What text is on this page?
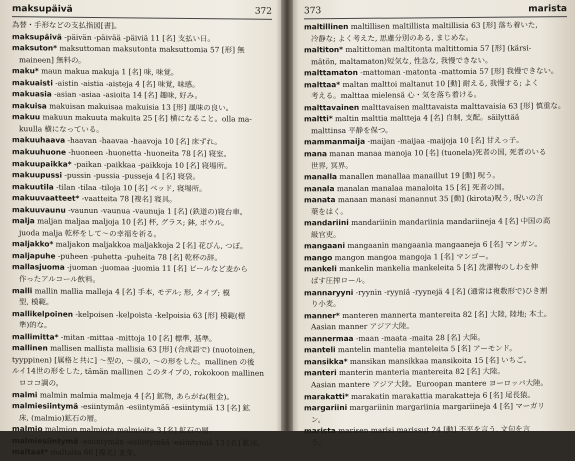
maksupäivä	372
為替・手形などの支払指図[書]。
maksupäivä -päivän -päivää -päiviä 11 [名] 支払い日。
maksuton* maksuttoman maksutonta maksuttomia 57 [形] 無
maineen] 無料の。
maku* maun makua makuja 1 [名] 味, 味覚。
makuaisti -aistin -aistia -aisteja 4 [名] 味覚, 味感。
makuasia -asian -asiaa -asioita 14 [名] 趣味, 好み。
makuisa makuisan makuisaa makuisia 13 [形] 風味の良い。
makuu makuun makuuta makuita 25 [名] 横になること。olla ma-
kuulla 横になっている。
makuuhaava -haavan -haavaa -haavoja 10 [名] 床ずれ。
makuuhuone -huoneen -huonetta -huoneita 78 [名] 寝室。
makuupaikka* -paikan -paikkaa -paikkoja 10 [名] 寝場所。
makuupussi -pussin -pussia -pusseja 4 [名] 寝袋。
makuutila -tilan -tilaa -tiloja 10 [名] ベッド, 寝場所。
makuuvaatteet* -vaatteita 78 [複名] 寝具。
makuuvaunu -vaunun -vaunua -vaunuja 1 [名] (鉄道の)寝台車。
malja maljan maljaa maljoja 10 [名] 杯, グラス; 鉢, ボウル。
juoda malja 乾杯をして～の幸福を祈る。
maljakko* maljakon maljakkoa maljakkoja 2 [名] 花びん, つぼ。
maljapuhe -puheen -puhetta -puheita 78 [名] 乾杯の辞。
mallasjuoma -juoman -juomaa -juomia 11 [名] ビールなど麦から
作ったアルコール飲料。
malli mallin mallia malleja 4 [名] 手本, モデル; 形, タイプ; 模
型, 模範。
mallikelpoinen -kelpoisen -kelpoista -kelpoisia 63 [形] 模範(標
準)的な。
mallimitta* -mitan -mittaa -mittoja 10 [名] 標準, 基準。
mallinen mallisen mallista mallisia 63 [形] (合成語で) (nuotoinen,
tyyppinen) [属格と共に] ～型の, ～風の, ～の形をした。mallinen の後
ルイ14世の形をした, tämän mallinen このタイプの, rokokoon mallinen
ロココ調の。
malmi malmin malmia malmeja 4 [名] 鉱物, あらがね(粗金)。
malmiesiintymä -esiintymän -esiintymää -esiintymiä 13 [名] 鉱
床, (malmio)鉱石の層。
malmio malmion malmiota malmioita 3 [名] 鉱石の層。
malmiesiintymä -esiintymän -esiintymää -esiintymiä 13 [名] 鉱床。
maltaat* maltaita 66 [複名] 麦芽。
373	marista
maltillinen maltillisen maltillista maltillisia 63 [形] 落ち着いた,
冷静な; よく考えた, 思慮分別のある, まじめな。
maltiton* maltittoman maltitonta maltittomia 57 [形] (kärsi-
mätön, maltamaton)短気な, 性急な, 我慢できない。
malttamaton -mattoman -matonta -mattomia 57 [形] 我慢できない。
malttaa* maltan malttoi maltanut 10 [動] 耐える, 我慢する; よく
考える。malttaa mielensä 心・気を落ち着ける。
malttavainen malttavaisen malttavaista malttavaisia 63 [形] 慎重な。
maltti* maltin malttia maltteja 4 [名] 自制, 支配。säilyttää
malttinsa 平静を保つ。
mammanmaija -maijan -maijaa -maijoja 10 [名] 甘えっ子。
mana manan manaa manoja 10 [名] (tuonela)死者の国, 死者のいる
世界, 冥界。
manalla manallen manallaa manaillut 19 [動] 呪う。
manala manalan manalaa manaloita 15 [名] 死者の国。
manata manaan manasi manannut 35 [動] (kirota)呪う, 呪いの言
葉をはく。
mandariini mandariinin mandariinia mandariineja 4 [名] 中国の高
級官吏。
mangaani mangaanin mangaania mangaaneja 6 [名] マンガン。
mango mangon mangoa mangoja 1 [名] マンゴー。
mankeli mankelin mankelia mankeleita 5 [名] 洗濯物のしわを伸
ばす圧搾ロール。
mannaryyni -ryynin -ryyniä -ryynejä 4 [名] (通常は複数形で)ひき割
り小麦。
manner* manteren mannerta mantereita 82 [名] 大陸, 陸地; 本土。
Aasian manner アジア大陸。
mannermaa -maan -maata -maita 28 [名] 大陸。
manteli mantelin mantelia manteleita 5 [名] アーモンド。
mansikka* mansikan mansikkaa mansikoita 15 [名] いちご。
manteri manterin manteria mantereita 82 [名] 大陸。
Aasian mantere アジア大陸。Euroopan mantere ヨーロッパ大陸。
marakatti* marakatin marakattia marakatteja 6 [名] 尾長猿。
margariini margariinin margariinia margariineja 4 [名] マーガリ
ン。
marista marisen marisi marissut 24 [動] 不平を言う, 文句を言
う。
